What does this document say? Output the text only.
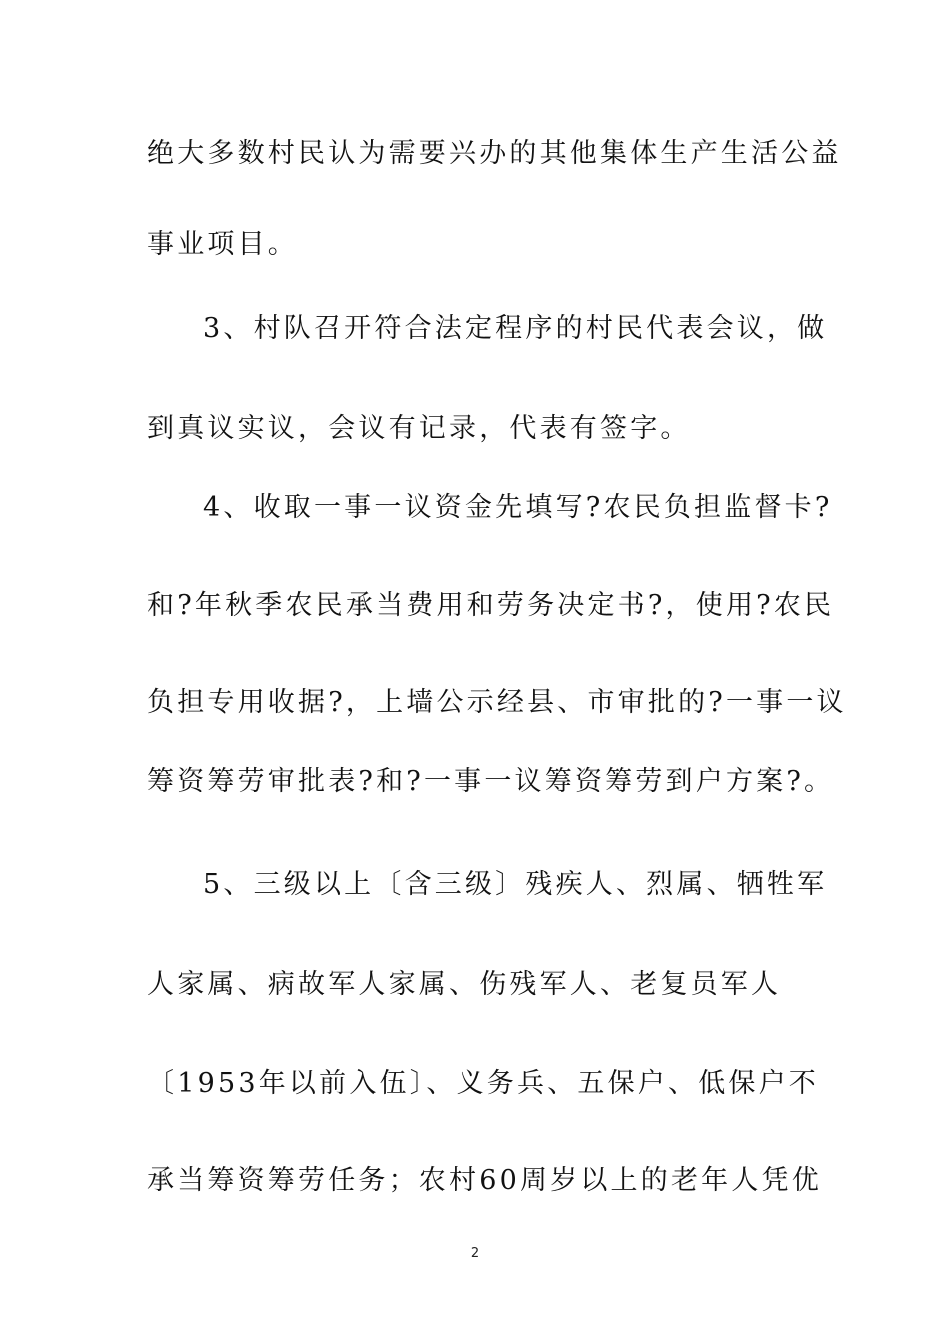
绝大多数村民认为需要兴办的其他集体生产生活公益
事业项目。
3、村队召开符合法定程序的村民代表会议，做
到真议实议，会议有记录，代表有签字。
4、收取一事一议资金先填写?农民负担监督卡?
和?年秋季农民承当费用和劳务决定书?，使用?农民
负担专用收据?，上墙公示经县、市审批的?一事一议
筹资筹劳审批表?和?一事一议筹资筹劳到户方案?。
5、三级以上〔含三级〕残疾人、烈属、牺牲军
人家属、病故军人家属、伤残军人、老复员军人
〔1953年以前入伍〕、义务兵、五保户、低保户不
承当筹资筹劳任务；农村60周岁以上的老年人凭优
2
